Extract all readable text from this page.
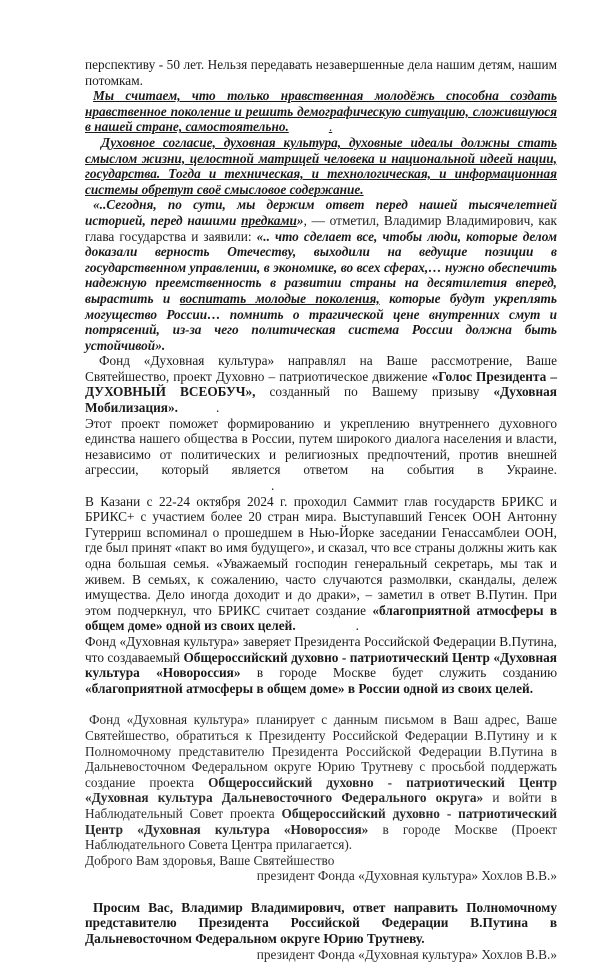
перспективу - 50 лет. Нельзя передавать незавершенные дела нашим детям, нашим потомкам.

Мы считаем, что только нравственная молодёжь способна создать нравственное поколение и решить демографическую ситуацию, сложившуюся в нашей стране, самостоятельно.	.

Духовное согласие, духовная культура, духовные идеалы должны стать смыслом жизни, целостной матрицей человека и национальной идеей нации, государства. Тогда и техническая, и технологическая, и информационная системы обретут своё смысловое содержание.

«..Сегодня, по сути, мы держим ответ перед нашей тысячелетней историей, перед нашими предками», — отметил, Владимир Владимирович, как глава государства и заявили: «.. что сделает все, чтобы люди, которые делом доказали верность Отечеству, выходили на ведущие позиции в государственном управлении, в экономике, во всех сферах,… нужно обеспечить надежную преемственность в развитии страны на десятилетия вперед, вырастить и воспитать молодые поколения, которые будут укреплять могущество России… помнить о трагической цене внутренних смут и потрясений, из-за чего политическая система России должна быть устойчивой».

Фонд «Духовная культура» направлял на Ваше рассмотрение, Ваше Святейшество, проект Духовно – патриотическое движение «Голос Президента – ДУХОВНЫЙ ВСЕОБУЧ», созданный по Вашему призыву «Духовная Мобилизация».	.

Этот проект поможет формированию и укреплению внутреннего духовного единства нашего общества в России, путем широкого диалога населения и власти, независимо от политических и религиозных предпочтений, против внешней агрессии, который является ответом на события в Украине..

В Казани с 22-24 октября 2024 г. проходил Саммит глав государств БРИКС и БРИКС+ с участием более 20 стран мира. Выступавший Генсек ООН Антонну Гутерриш вспоминал о прошедшем в Нью-Йорке заседании Генассамблеи ООН, где был принят «пакт во имя будущего», и сказал, что все страны должны жить как одна большая семья. «Уважаемый господин генеральный секретарь, мы так и живем. В семьях, к сожалению, часто случаются размолвки, скандалы, дележ имущества. Дело иногда доходит и до драки», – заметил в ответ В.Путин. При этом подчеркнул, что БРИКС считает создание «благоприятной атмосферы в общем доме» одной из своих целей.	.

Фонд «Духовная культура» заверяет Президента Российской Федерации В.Путина, что создаваемый Общероссийский духовно - патриотический Центр «Духовная культура «Новороссия» в городе Москве будет служить созданию «благоприятной атмосферы в общем доме» в России одной из своих целей.

Фонд «Духовная культура» планирует с данным письмом в Ваш адрес, Ваше Святейшество, обратиться к Президенту Российской Федерации В.Путину и к Полномочному представителю Президента Российской Федерации В.Путина в Дальневосточном Федеральном округе Юрию Трутневу с просьбой поддержать создание проекта Общероссийский духовно - патриотический Центр «Духовная культура Дальневосточного Федерального округа» и войти в Наблюдательный Совет проекта Общероссийский духовно - патриотический Центр «Духовная культура «Новороссия» в городе Москве (Проект Наблюдательного Совета Центра прилагается).

Доброго Вам здоровья, Ваше Святейшество

президент Фонда «Духовная культура» Хохлов В.В.»

Просим Вас, Владимир Владимирович, ответ направить Полномочному представителю Президента Российской Федерации В.Путина в Дальневосточном Федеральном округе Юрию Трутневу.

президент Фонда «Духовная культура» Хохлов В.В.»
